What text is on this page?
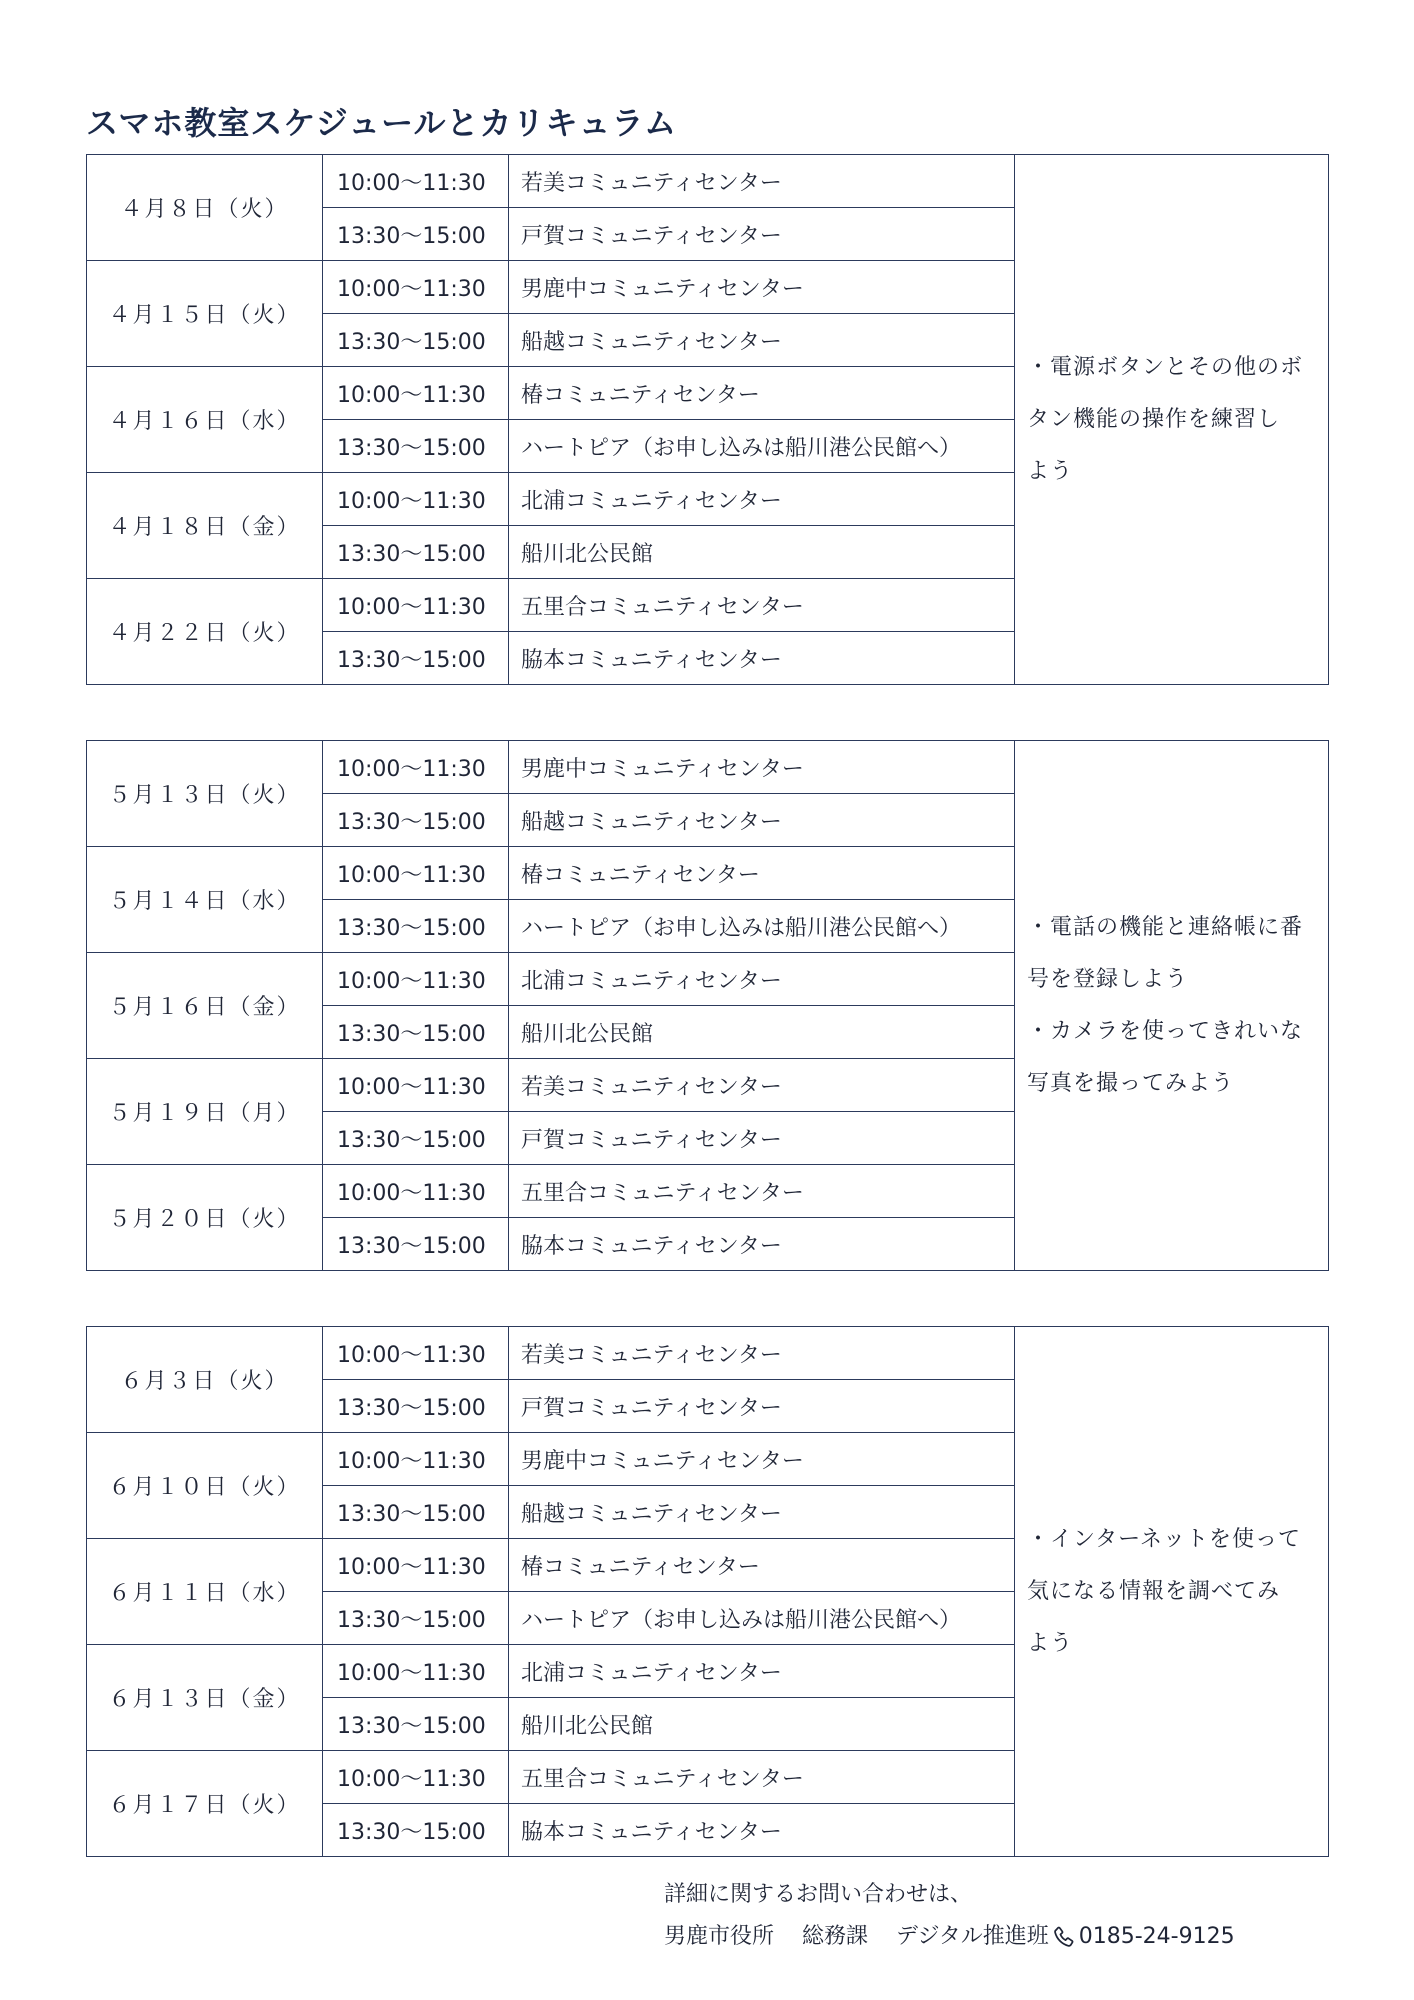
スマホ教室スケジュールとカリキュラム
４月８日（火）	10:00～11:30	若美コミュニティセンター	・電源ボタンとその他のボ
タン機能の操作を練習し
よう

	13:30～15:00	戸賀コミュニティセンター	
４月１５日（火）	10:00～11:30	男鹿中コミュニティセンター	
	13:30～15:00	船越コミュニティセンター	
４月１６日（水）	10:00～11:30	椿コミュニティセンター	
	13:30～15:00	ハートピア（お申し込みは船川港公民館へ）	
４月１８日（金）	10:00～11:30	北浦コミュニティセンター	
	13:30～15:00	船川北公民館	
４月２２日（火）	10:00～11:30	五里合コミュニティセンター	
	13:30～15:00	脇本コミュニティセンター	
５月１３日（火）	10:00～11:30	男鹿中コミュニティセンター	・電話の機能と連絡帳に番
号を登録しよう
・カメラを使ってきれいな
写真を撮ってみよう

	13:30～15:00	船越コミュニティセンター	
５月１４日（水）	10:00～11:30	椿コミュニティセンター	
	13:30～15:00	ハートピア（お申し込みは船川港公民館へ）	
５月１６日（金）	10:00～11:30	北浦コミュニティセンター	
	13:30～15:00	船川北公民館	
５月１９日（月）	10:00～11:30	若美コミュニティセンター	
	13:30～15:00	戸賀コミュニティセンター	
５月２０日（火）	10:00～11:30	五里合コミュニティセンター	
	13:30～15:00	脇本コミュニティセンター	
６月３日（火）	10:00～11:30	若美コミュニティセンター	・インターネットを使って
気になる情報を調べてみ
よう

	13:30～15:00	戸賀コミュニティセンター	
６月１０日（火）	10:00～11:30	男鹿中コミュニティセンター	
	13:30～15:00	船越コミュニティセンター	
６月１１日（水）	10:00～11:30	椿コミュニティセンター	
	13:30～15:00	ハートピア（お申し込みは船川港公民館へ）	
６月１３日（金）	10:00～11:30	北浦コミュニティセンター	
	13:30～15:00	船川北公民館	
６月１７日（火）	10:00～11:30	五里合コミュニティセンター	
	13:30～15:00	脇本コミュニティセンター	
詳細に関するお問い合わせは、
男鹿市役所 総務課 デジタル推進班 0185-24-9125
